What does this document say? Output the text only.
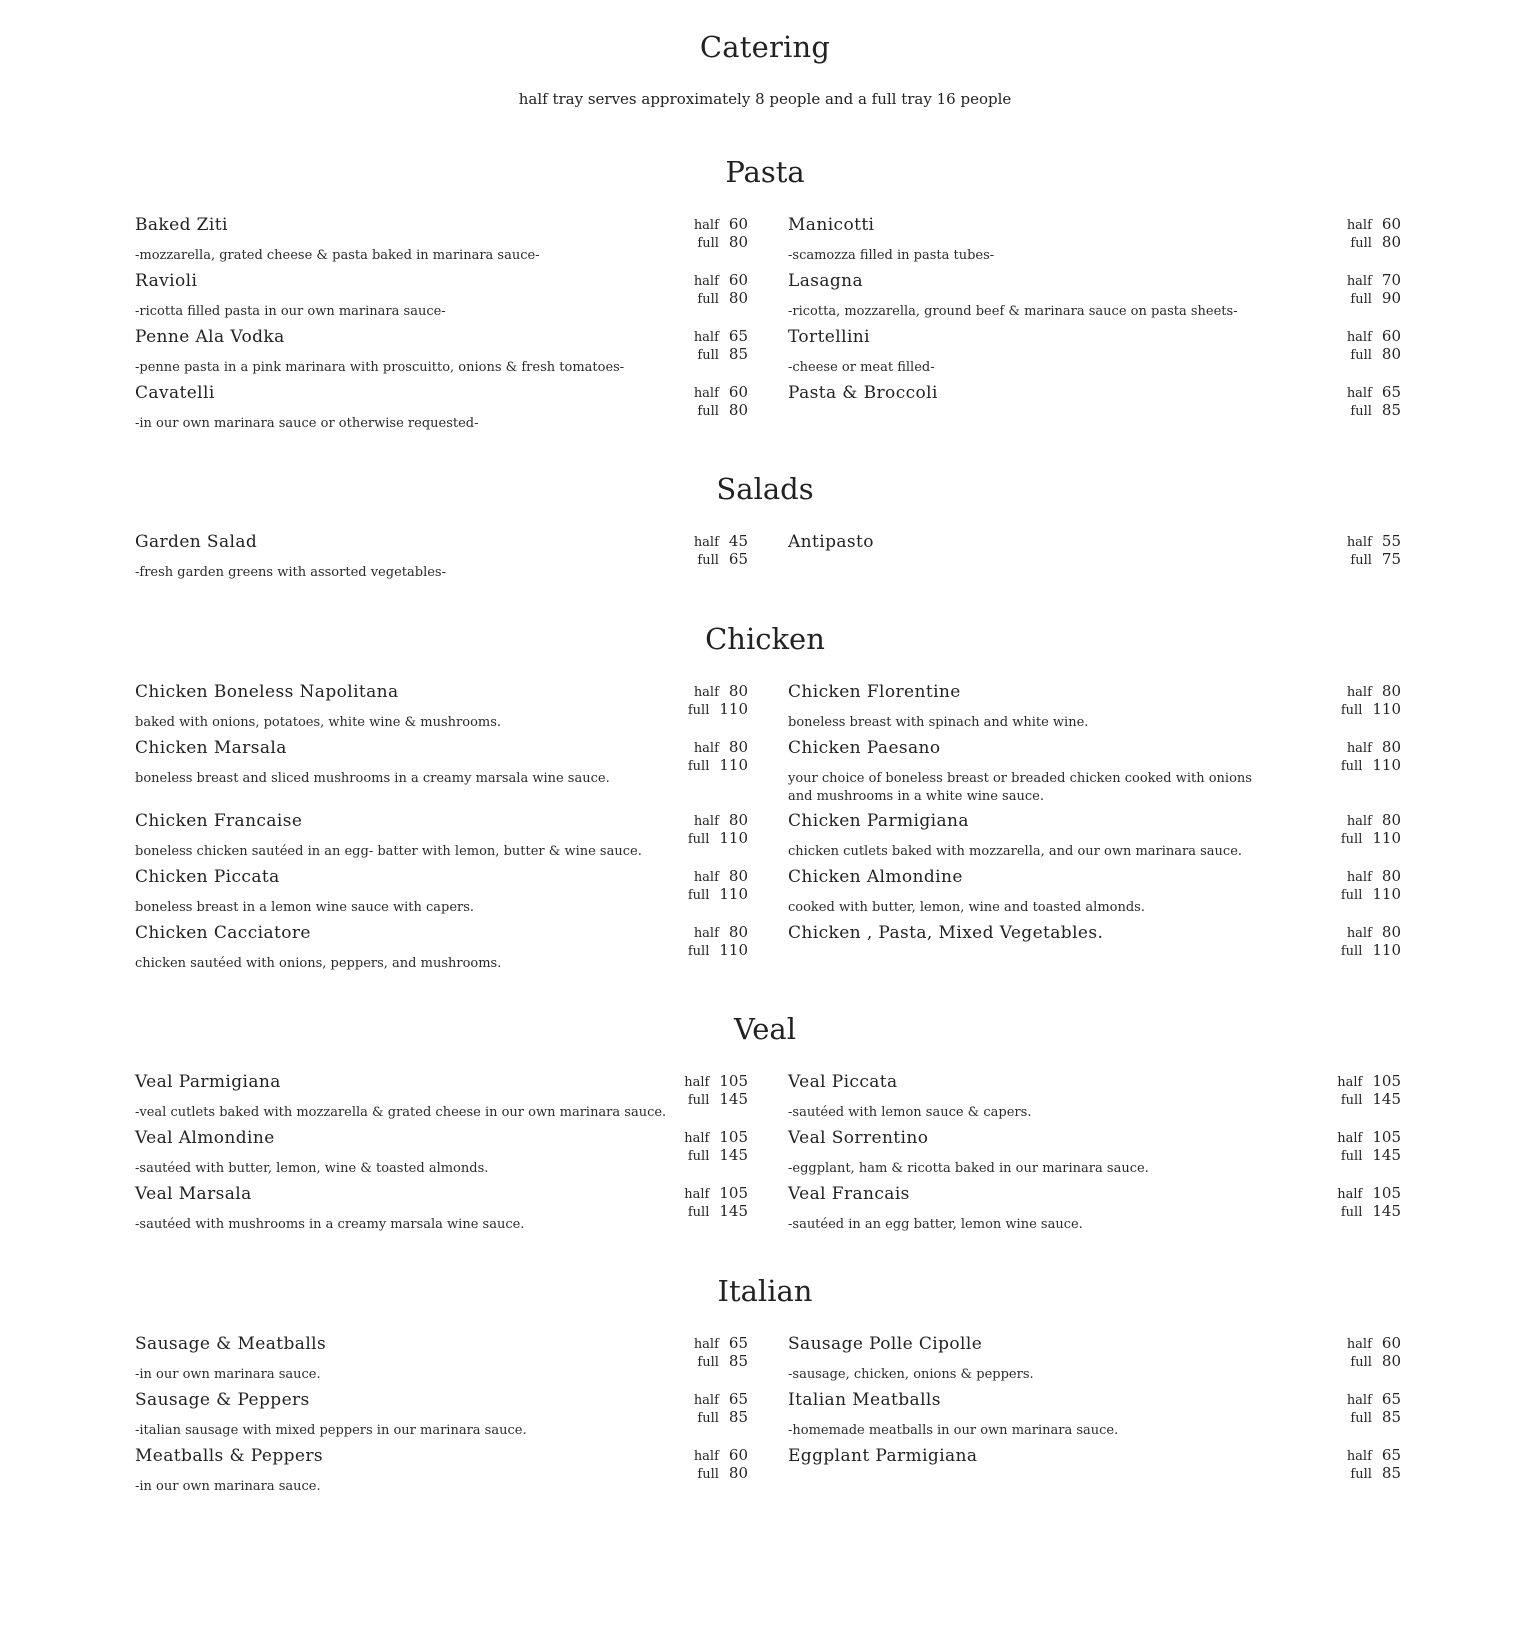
Catering

half tray serves approximately 8 people and a full tray 16 people

Pasta
Baked Ziti
-mozzarella, grated cheese & pasta baked in marinara sauce-
half 60
full 80
Manicotti
-scamozza filled in pasta tubes-
half 60
full 80
Ravioli
-ricotta filled pasta in our own marinara sauce-
half 60
full 80
Lasagna
-ricotta, mozzarella, ground beef & marinara sauce on pasta sheets-
half 70
full 90
Penne Ala Vodka
-penne pasta in a pink marinara with proscuitto, onions & fresh tomatoes-
half 65
full 85
Tortellini
-cheese or meat filled-
half 60
full 80
Cavatelli
-in our own marinara sauce or otherwise requested-
half 60
full 80
Pasta & Broccoli	half 65
full 85
Salads
Garden Salad
-fresh garden greens with assorted vegetables-
half 45
full 65
Antipasto	half 55
full 75
Chicken
Chicken Boneless Napolitana
baked with onions, potatoes, white wine & mushrooms.
half 80
full 110
Chicken Florentine
boneless breast with spinach and white wine.
half 80
full 110
Chicken Marsala
boneless breast and sliced mushrooms in a creamy marsala wine sauce.
half 80
full 110
Chicken Paesano
your choice of boneless breast or breaded chicken cooked with onions and mushrooms in a white wine sauce.
half 80
full 110
Chicken Francaise
boneless chicken sautéed in an egg- batter with lemon, butter & wine sauce.
half 80
full 110
Chicken Parmigiana
chicken cutlets baked with mozzarella, and our own marinara sauce.
half 80
full 110
Chicken Piccata
boneless breast in a lemon wine sauce with capers.
half 80
full 110
Chicken Almondine
cooked with butter, lemon, wine and toasted almonds.
half 80
full 110
Chicken Cacciatore
chicken sautéed with onions, peppers, and mushrooms.
half 80
full 110
Chicken , Pasta, Mixed Vegetables.	half 80
full 110
Veal
Veal Parmigiana
-veal cutlets baked with mozzarella & grated cheese in our own marinara sauce.
half 105
full 145
Veal Piccata
-sautéed with lemon sauce & capers.
half 105
full 145
Veal Almondine
-sautéed with butter, lemon, wine & toasted almonds.
half 105
full 145
Veal Sorrentino
-eggplant, ham & ricotta baked in our marinara sauce.
half 105
full 145
Veal Marsala
-sautéed with mushrooms in a creamy marsala wine sauce.
half 105
full 145
Veal Francais
-sautéed in an egg batter, lemon wine sauce.
half 105
full 145
Italian
Sausage & Meatballs
-in our own marinara sauce.
half 65
full 85
Sausage Polle Cipolle
-sausage, chicken, onions & peppers.
half 60
full 80
Sausage & Peppers
-italian sausage with mixed peppers in our marinara sauce.
half 65
full 85
Italian Meatballs
-homemade meatballs in our own marinara sauce.
half 65
full 85
Meatballs & Peppers
-in our own marinara sauce.
half 60
full 80
Eggplant Parmigiana	half 65
full 85
